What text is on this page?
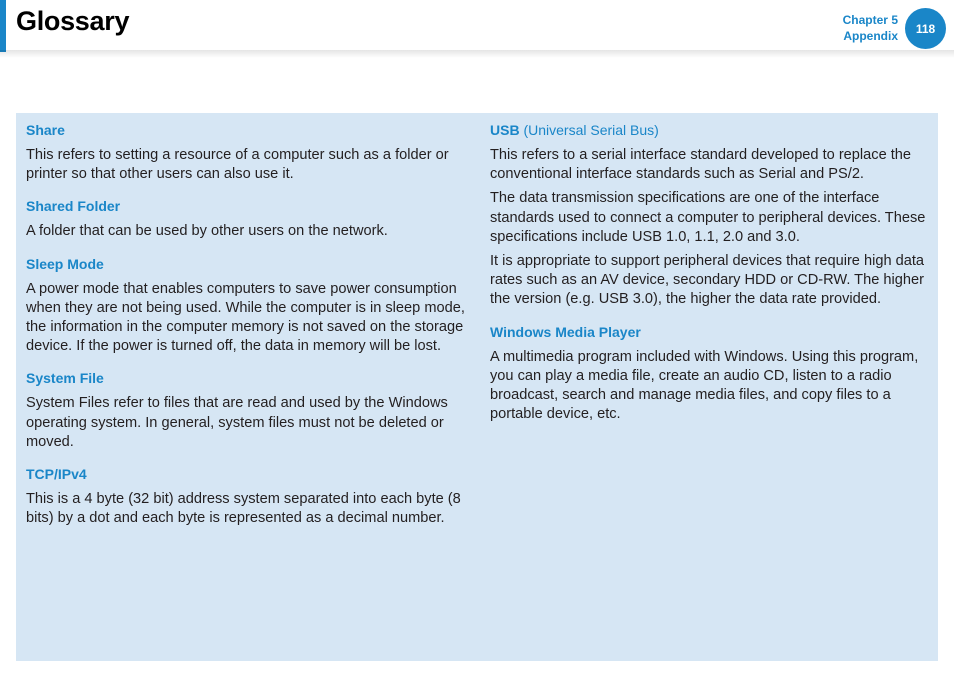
Glossary	Chapter 5
Appendix
118

Share

This refers to setting a resource of a computer such as a folder or printer so that other users can also use it.

Shared Folder

A folder that can be used by other users on the network.

Sleep Mode

A power mode that enables computers to save power consumption when they are not being used. While the computer is in sleep mode, the information in the computer memory is not saved on the storage device. If the power is turned off, the data in memory will be lost.

System File

System Files refer to files that are read and used by the Windows operating system. In general, system files must not be deleted or moved.

TCP/IPv4

This is a 4 byte (32 bit) address system separated into each byte (8 bits) by a dot and each byte is represented as a decimal number.

USB (Universal Serial Bus)

This refers to a serial interface standard developed to replace the conventional interface standards such as Serial and PS/2.

The data transmission specifications are one of the interface standards used to connect a computer to peripheral devices. These specifications include USB 1.0, 1.1, 2.0 and 3.0.

It is appropriate to support peripheral devices that require high data rates such as an AV device, secondary HDD or CD-RW. The higher the version (e.g. USB 3.0), the higher the data rate provided.

Windows Media Player

A multimedia program included with Windows. Using this program, you can play a media file, create an audio CD, listen to a radio broadcast, search and manage media files, and copy files to a portable device, etc.
